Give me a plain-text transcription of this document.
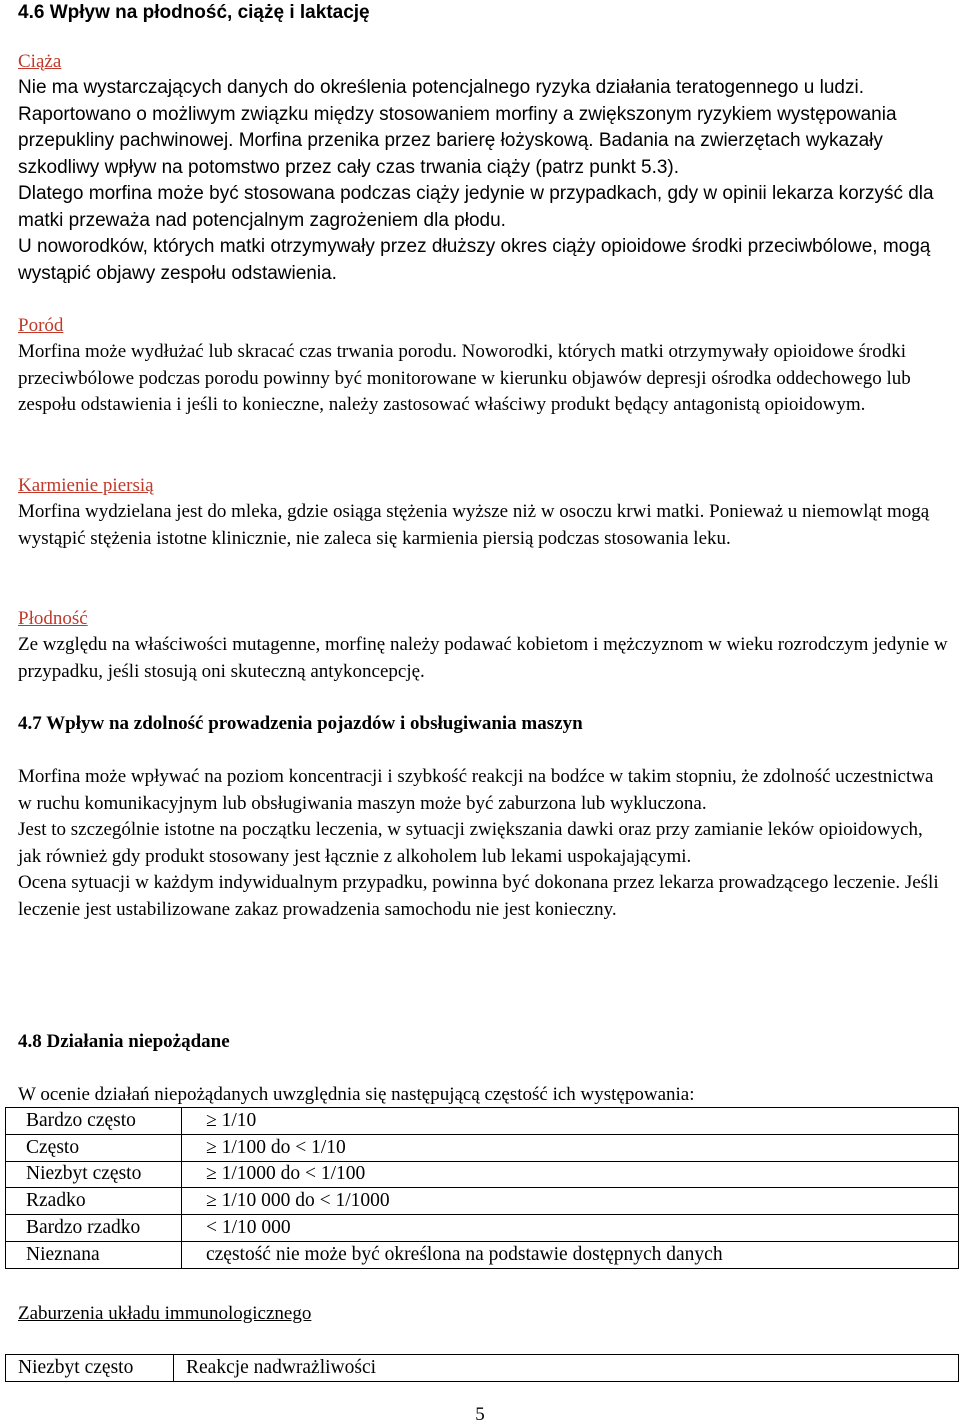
4.6 Wpływ na płodność, ciążę i laktację
Ciąża

Nie ma wystarczających danych do określenia potencjalnego ryzyka działania teratogennego u ludzi. Raportowano o możliwym związku między stosowaniem morfiny a zwiększonym ryzykiem występowania przepukliny pachwinowej. Morfina przenika przez barierę łożyskową. Badania na zwierzętach wykazały szkodliwy wpływ na potomstwo przez cały czas trwania ciąży (patrz punkt 5.3).

Dlatego morfina może być stosowana podczas ciąży jedynie w przypadkach, gdy w opinii lekarza korzyść dla matki przeważa nad potencjalnym zagrożeniem dla płodu.

U noworodków, których matki otrzymywały przez dłuższy okres ciąży opioidowe środki przeciwbólowe, mogą wystąpić objawy zespołu odstawienia.

Poród

Morfina może wydłużać lub skracać czas trwania porodu. Noworodki, których matki otrzymywały opioidowe środki przeciwbólowe podczas porodu powinny być monitorowane w kierunku objawów depresji ośrodka oddechowego lub zespołu odstawienia i jeśli to konieczne, należy zastosować właściwy produkt będący antagonistą opioidowym.

Karmienie piersią

Morfina wydzielana jest do mleka, gdzie osiąga stężenia wyższe niż w osoczu krwi matki. Ponieważ u niemowląt mogą wystąpić stężenia istotne klinicznie, nie zaleca się karmienia piersią podczas stosowania leku.

Płodność

Ze względu na właściwości mutagenne, morfinę należy podawać kobietom i mężczyznom w wieku rozrodczym jedynie w przypadku, jeśli stosują oni skuteczną antykoncepcję.

4.7 Wpływ na zdolność prowadzenia pojazdów i obsługiwania maszyn

Morfina może wpływać na poziom koncentracji i szybkość reakcji na bodźce w takim stopniu, że zdolność uczestnictwa w ruchu komunikacyjnym lub obsługiwania maszyn może być zaburzona lub wykluczona.

Jest to szczególnie istotne na początku leczenia, w sytuacji zwiększania dawki oraz przy zamianie leków opioidowych, jak również gdy produkt stosowany jest łącznie z alkoholem lub lekami uspokajającymi.

Ocena sytuacji w każdym indywidualnym przypadku, powinna być dokonana przez lekarza prowadzącego leczenie. Jeśli leczenie jest ustabilizowane zakaz prowadzenia samochodu nie jest konieczny.

4.8 Działania niepożądane
W ocenie działań niepożądanych uwzględnia się następującą częstość ich występowania:
Zaburzenia układu immunologicznego
Bardzo często	≥ 1/10
Często	≥ 1/100 do < 1/10
Niezbyt często	≥ 1/1000 do < 1/100
Rzadko	≥ 1/10 000 do < 1/1000
Bardzo rzadko	< 1/10 000
Nieznana	częstość nie może być określona na podstawie dostępnych danych
Niezbyt często	Reakcje nadwrażliwości
5
